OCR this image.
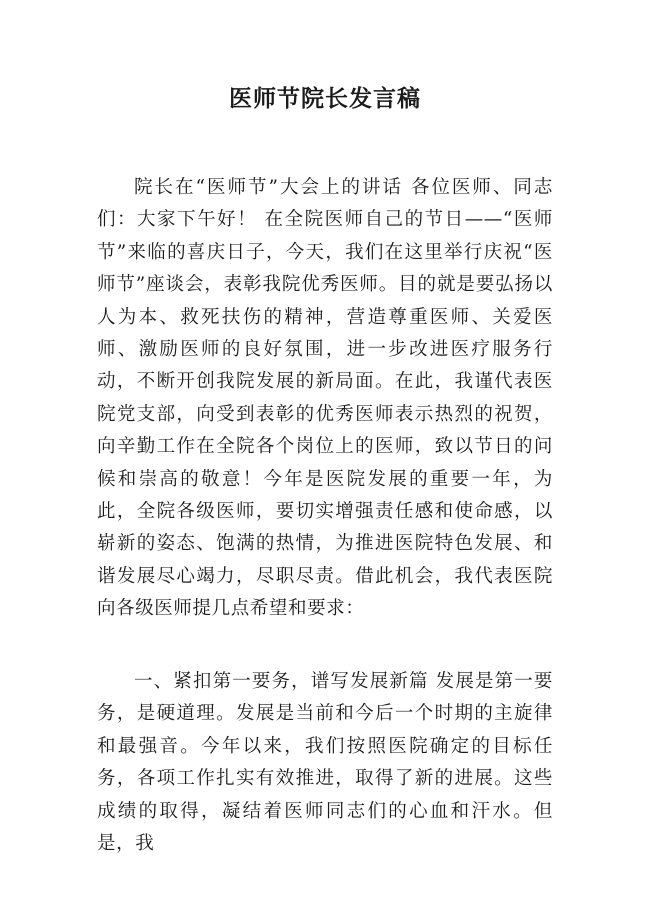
医师节院长发言稿

院长在“医师节”大会上的讲话 各位医师、同志们：大家下午好！ 在全院医师自己的节日——“医师节”来临的喜庆日子，今天，我们在这里举行庆祝“医师节”座谈会，表彰我院优秀医师。目的就是要弘扬以人为本、救死扶伤的精神，营造尊重医师、关爱医师、激励医师的良好氛围，进一步改进医疗服务行动，不断开创我院发展的新局面。在此，我谨代表医院党支部，向受到表彰的优秀医师表示热烈的祝贺，向辛勤工作在全院各个岗位上的医师，致以节日的问候和崇高的敬意！今年是医院发展的重要一年，为此，全院各级医师，要切实增强责任感和使命感，以崭新的姿态、饱满的热情，为推进医院特色发展、和谐发展尽心竭力，尽职尽责。借此机会，我代表医院向各级医师提几点希望和要求：

一、紧扣第一要务，谱写发展新篇 发展是第一要务，是硬道理。发展是当前和今后一个时期的主旋律和最强音。今年以来，我们按照医院确定的目标任务，各项工作扎实有效推进，取得了新的进展。这些成绩的取得，凝结着医师同志们的心血和汗水。但是，我
